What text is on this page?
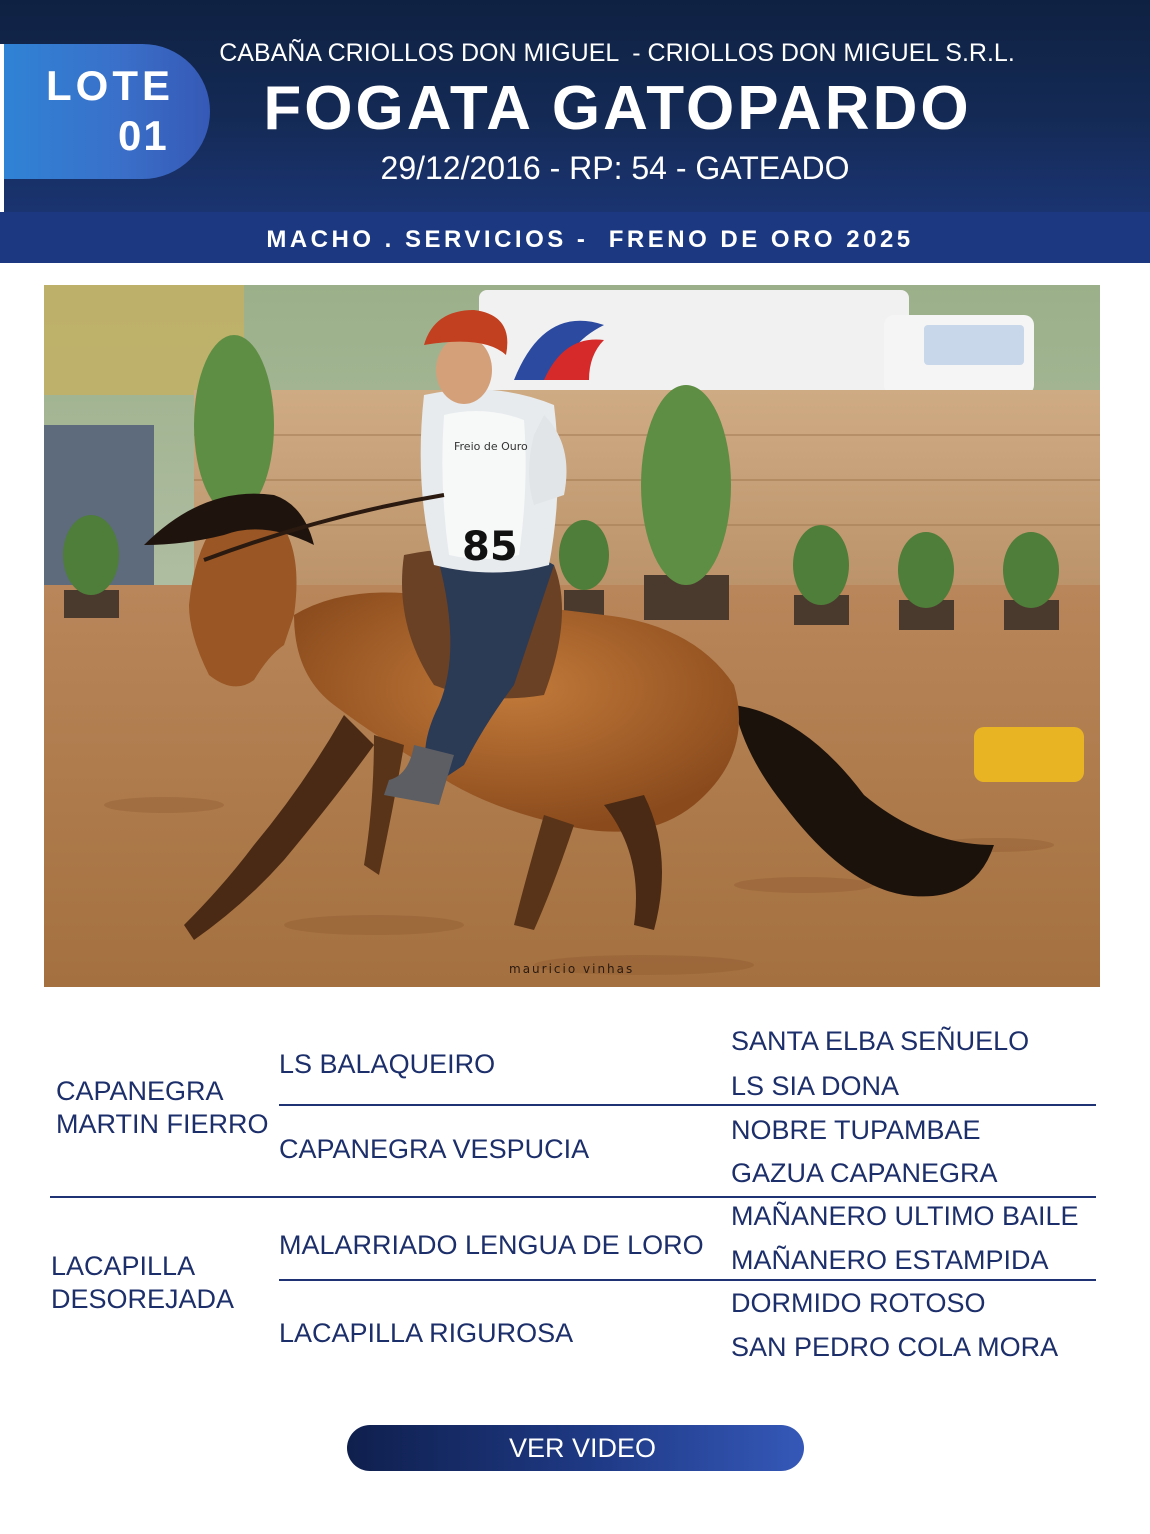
LOTE
01
CABAÑA CRIOLLOS DON MIGUEL  - CRIOLLOS DON MIGUEL S.R.L.
FOGATA GATOPARDO
29/12/2016 - RP: 54 - GATEADO
MACHO . SERVICIOS -  FRENO DE ORO 2025
85
Freio de Ouro
mauricio vinhas
CAPANEGRA
MARTIN FIERRO
LS BALAQUEIRO
CAPANEGRA VESPUCIA
SANTA ELBA SEÑUELO
LS SIA DONA
NOBRE TUPAMBAE
GAZUA CAPANEGRA
LACAPILLA
DESOREJADA
MALARRIADO LENGUA DE LORO
LACAPILLA RIGUROSA
MAÑANERO ULTIMO BAILE
MAÑANERO ESTAMPIDA
DORMIDO ROTOSO
SAN PEDRO COLA MORA
VER VIDEO
